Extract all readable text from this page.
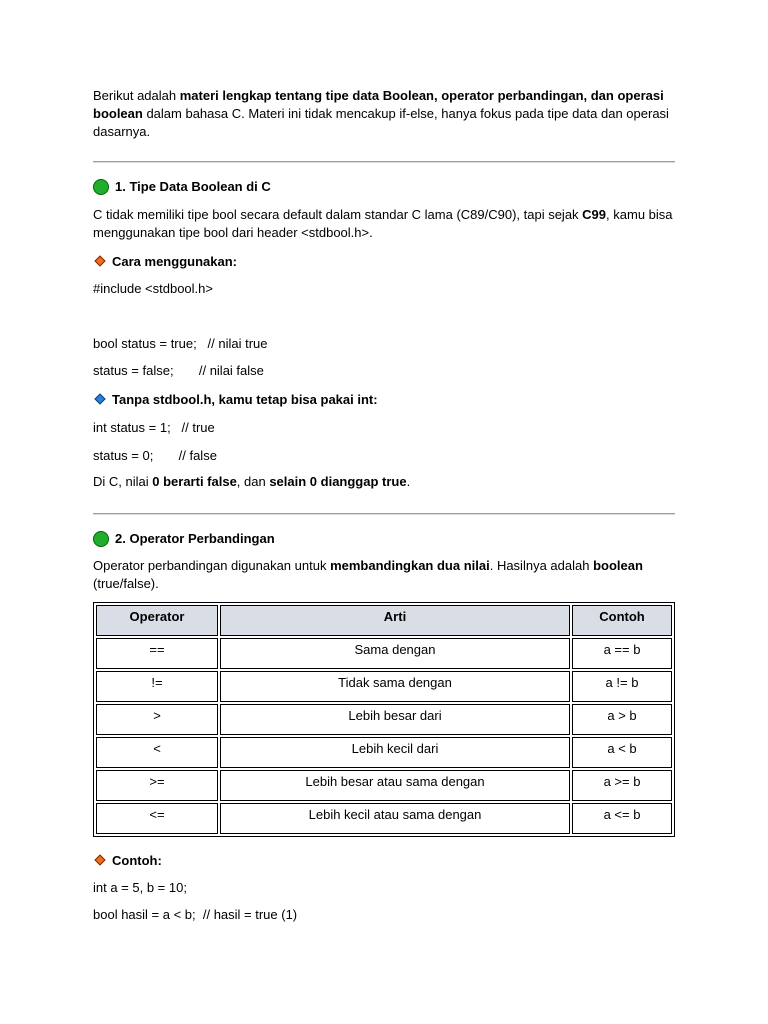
Berikut adalah materi lengkap tentang tipe data Boolean, operator perbandingan, dan operasi boolean dalam bahasa C. Materi ini tidak mencakup if-else, hanya fokus pada tipe data dan operasi dasarnya.
1. Tipe Data Boolean di C
C tidak memiliki tipe bool secara default dalam standar C lama (C89/C90), tapi sejak C99, kamu bisa menggunakan tipe bool dari header <stdbool.h>.
Cara menggunakan:
#include <stdbool.h>
bool status = true;   // nilai true
status = false;       // nilai false
Tanpa stdbool.h, kamu tetap bisa pakai int:
int status = 1;   // true
status = 0;       // false
Di C, nilai 0 berarti false, dan selain 0 dianggap true.
2. Operator Perbandingan
Operator perbandingan digunakan untuk membandingkan dua nilai. Hasilnya adalah boolean (true/false).
Operator	Arti	Contoh
==	Sama dengan	a == b
!=	Tidak sama dengan	a != b
>	Lebih besar dari	a > b
<	Lebih kecil dari	a < b
>=	Lebih besar atau sama dengan	a >= b
<=	Lebih kecil atau sama dengan	a <= b
Contoh:
int a = 5, b = 10;
bool hasil = a < b;  // hasil = true (1)
